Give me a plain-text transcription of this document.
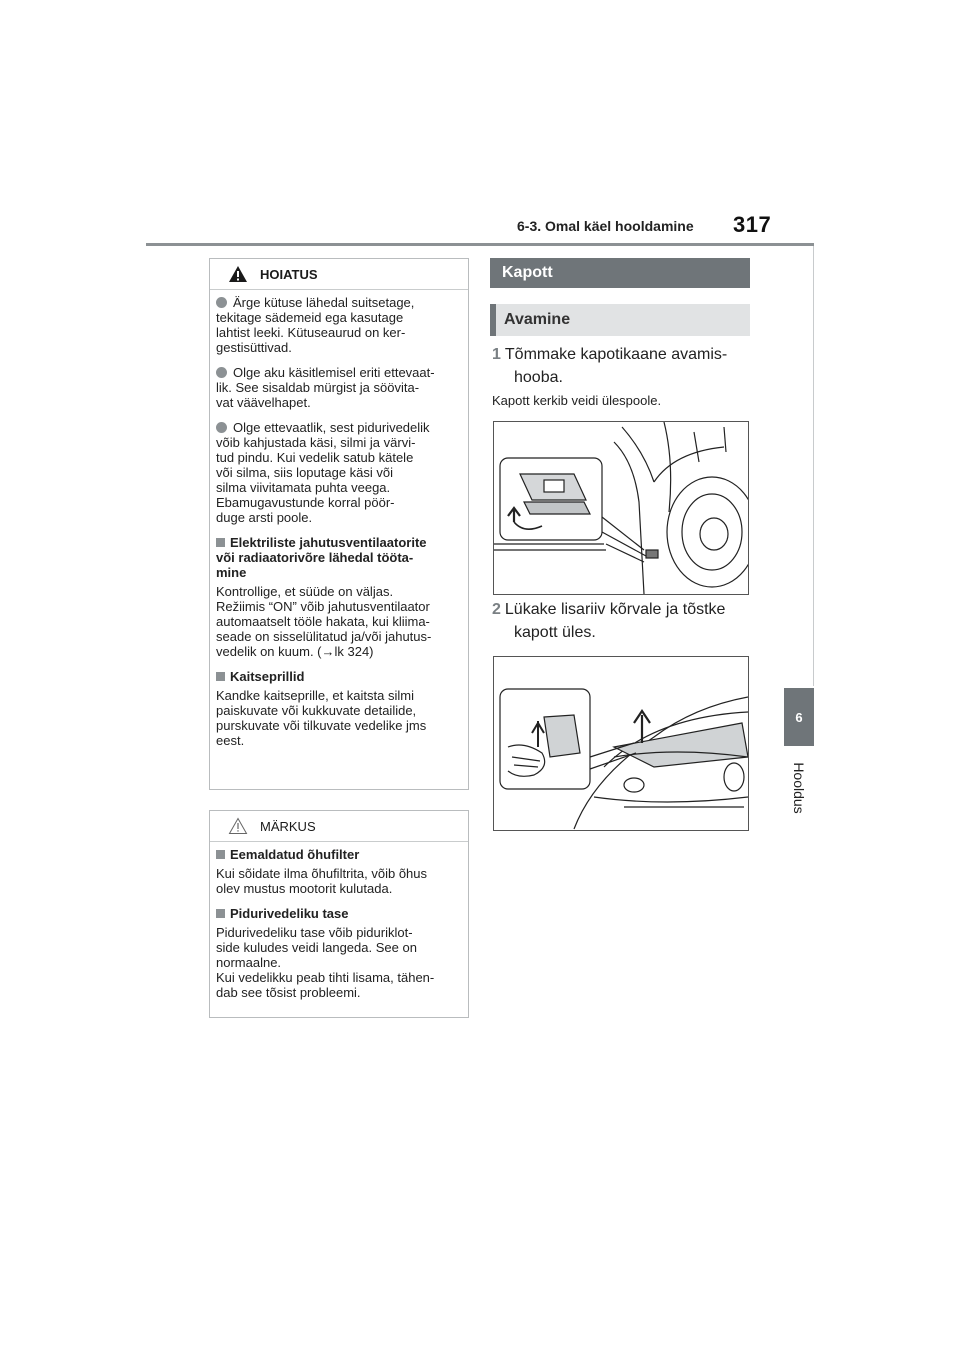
6-3. Omal käel hooldamine 317
6
Hooldus
HOIATUS
Ärge kütuse lähedal suitsetage,
tekitage sädemeid ega kasutage
lahtist leeki. Kütuseaurud on ker-
gestisüttivad.
Olge aku käsitlemisel eriti ettevaat-
lik. See sisaldab mürgist ja söövita-
vat väävelhapet.
Olge ettevaatlik, sest pidurivedelik
võib kahjustada käsi, silmi ja värvi-
tud pindu. Kui vedelik satub kätele
või silma, siis loputage käsi või
silma viivitamata puhta veega.
Ebamugavustunde korral pöör-
duge arsti poole.
Elektriliste jahutusventilaatorite
või radiaatorivõre lähedal tööta-
mine
Kontrollige, et süüde on väljas.
Režiimis “ON” võib jahutusventilaator
automaatselt tööle hakata, kui kliima-
seade on sisselülitatud ja/või jahutus-
vedelik on kuum. (→lk 324)
Kaitseprillid
Kandke kaitseprille, et kaitsta silmi
paiskuvate või kukkuvate detailide,
purskuvate või tilkuvate vedelike jms
eest.
MÄRKUS
Eemaldatud õhufilter
Kui sõidate ilma õhufiltrita, võib õhus
olev mustus mootorit kulutada.
Pidurivedeliku tase
Pidurivedeliku tase võib piduriklot-
side kuludes veidi langeda. See on
normaalne.
Kui vedelikku peab tihti lisama, tähen-
dab see tõsist probleemi.
Kapott
Avamine
1 Tõmmake kapotikaane avamis-
hooba.
Kapott kerkib veidi ülespoole.
2 Lükake lisariiv kõrvale ja tõstke
kapott üles.
